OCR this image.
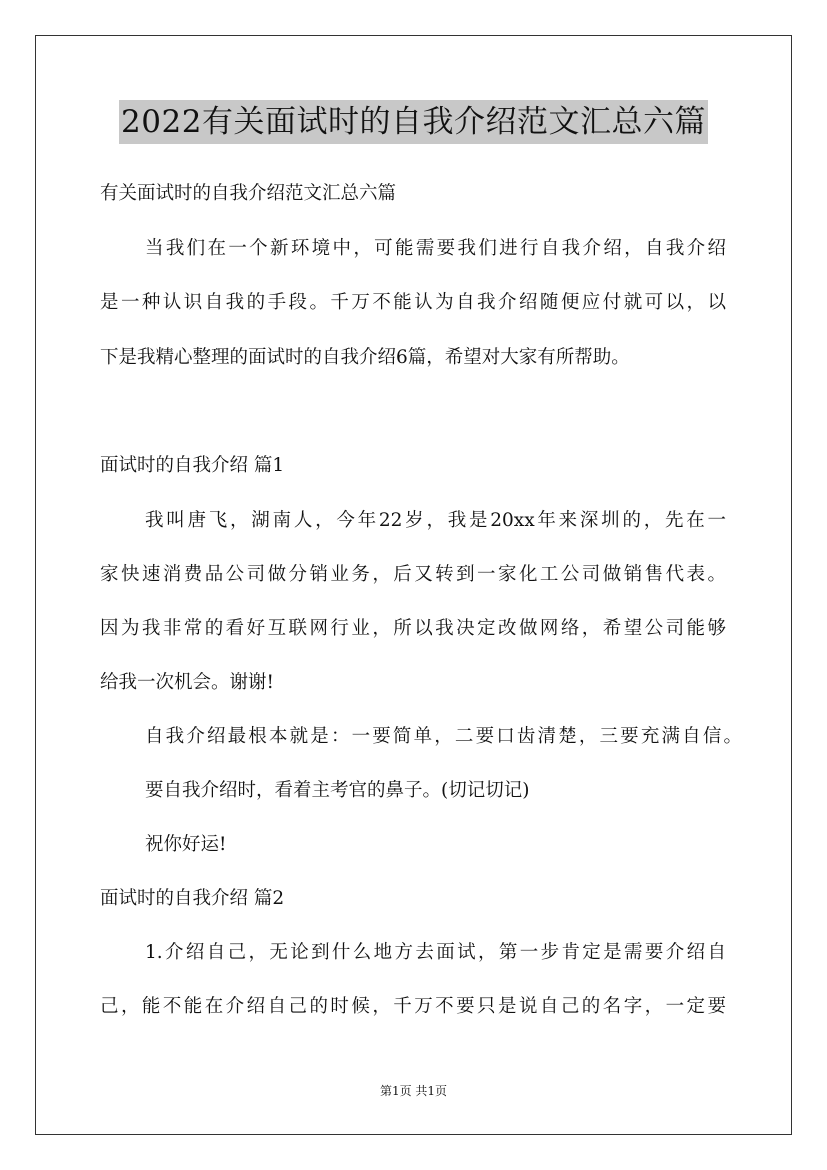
2022有关面试时的自我介绍范文汇总六篇
有关面试时的自我介绍范文汇总六篇
当我们在一个新环境中，可能需要我们进行自我介绍，自我介绍
是一种认识自我的手段。千万不能认为自我介绍随便应付就可以，以
下是我精心整理的面试时的自我介绍6篇，希望对大家有所帮助。
面试时的自我介绍 篇1
我叫唐飞，湖南人，今年22岁，我是20xx年来深圳的，先在一
家快速消费品公司做分销业务，后又转到一家化工公司做销售代表。
因为我非常的看好互联网行业，所以我决定改做网络，希望公司能够
给我一次机会。谢谢!
自我介绍最根本就是：一要简单，二要口齿清楚，三要充满自信。
要自我介绍时，看着主考官的鼻子。(切记切记)
祝你好运!
面试时的自我介绍 篇2
1.介绍自己，无论到什么地方去面试，第一步肯定是需要介绍自
己，能不能在介绍自己的时候，千万不要只是说自己的名字，一定要
第1页 共1页
